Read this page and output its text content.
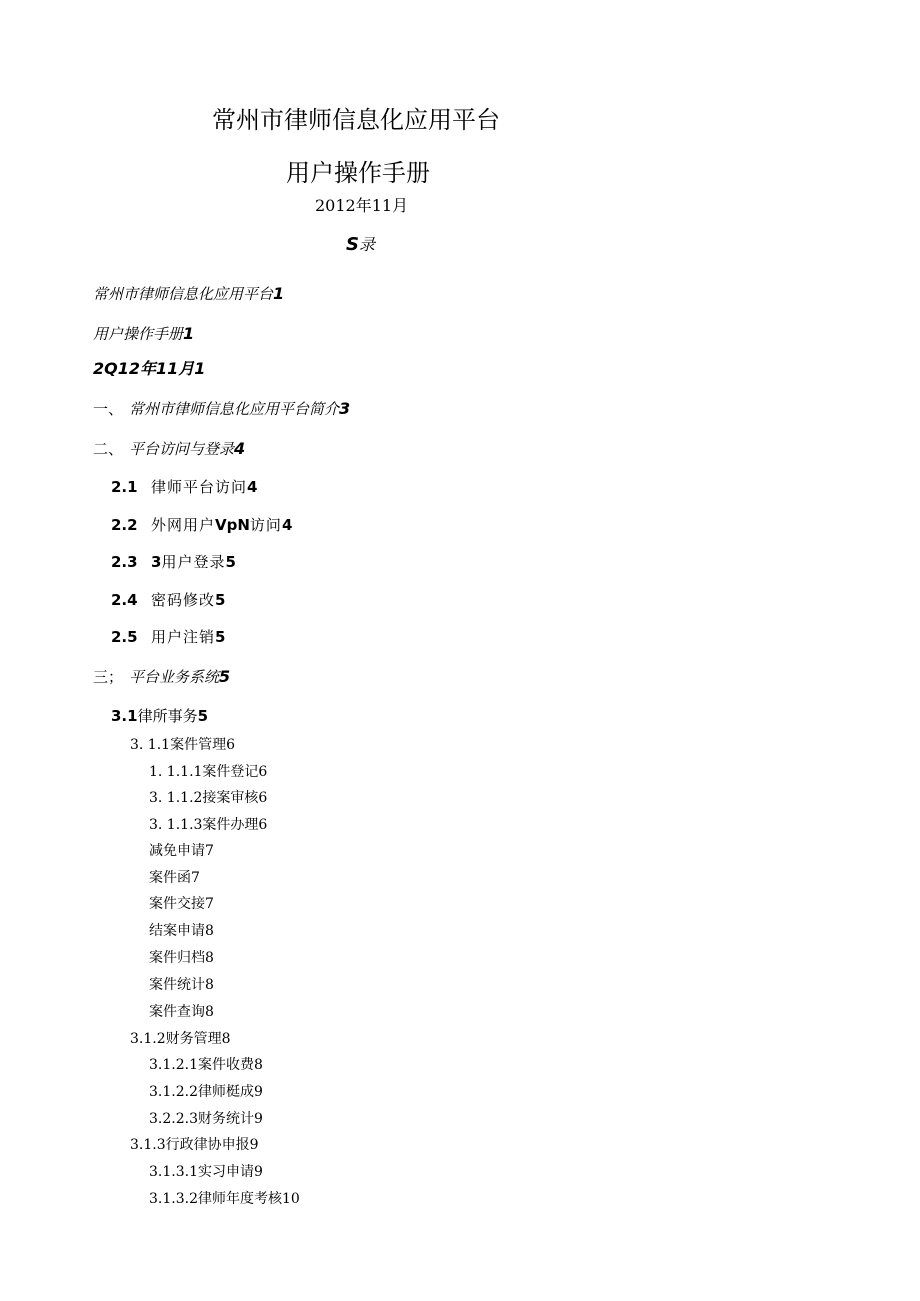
常州市律师信息化应用平台
用户操作手册
2012年11月
S录
常州市律师信息化应用平台1
用户操作手册1
2Q12年11月1
一、 常州市律师信息化应用平台简介3
二、 平台访问与登录4
2.1 律师平台访问4
2.2 外网用户VpN访问4
2.3 3用户登录5
2.4 密码修改5
2.5 用户注销5
三； 平台业务系统5
3.1律所事务5
3. 1.1案件管理6
1. 1.1.1案件登记6
3. 1.1.2接案审核6
3. 1.1.3案件办理6
减免申请7
案件函7
案件交接7
结案申请8
案件归档8
案件统计8
案件查询8
3.1.2财务管理8
3.1.2.1案件收费8
3.1.2.2律师梃成9
3.2.2.3财务统计9
3.1.3行政律协申报9
3.1.3.1实习申请9
3.1.3.2律师年度考核10
